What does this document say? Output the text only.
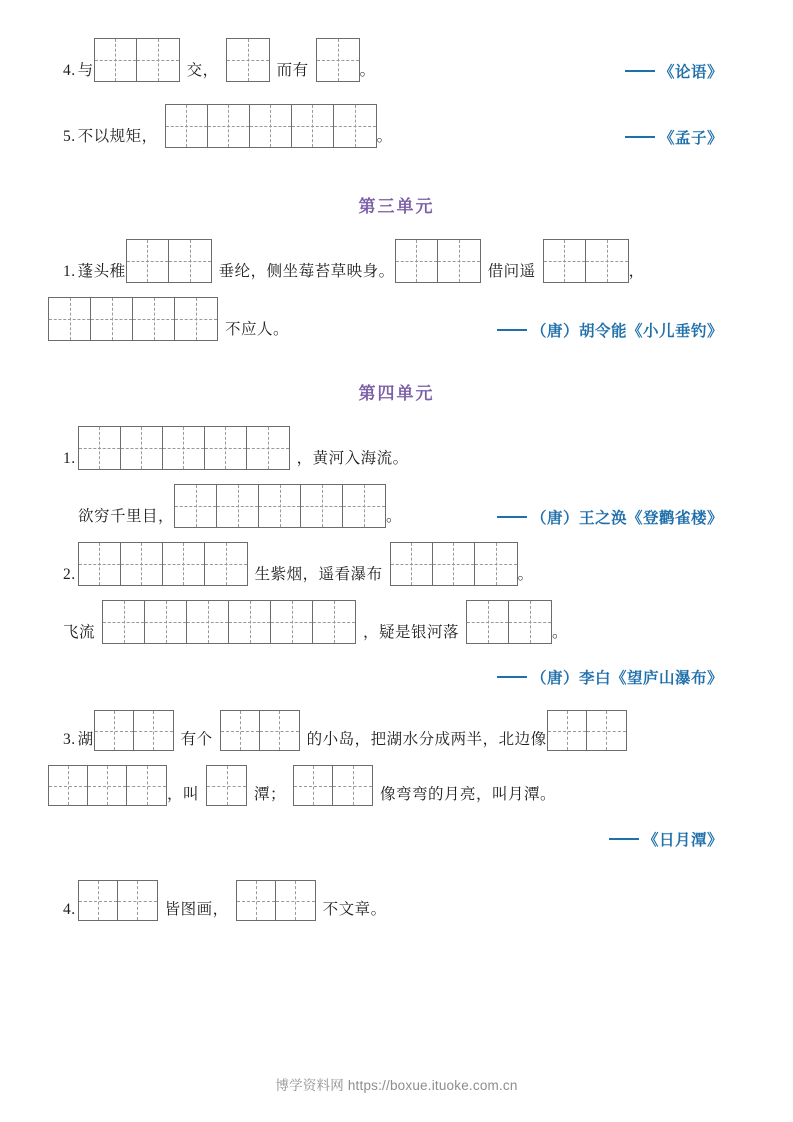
4. 与	交，	而有	。	《论语》
5. 不以规矩，	。	《孟子》
第三单元
1. 蓬头稚	垂纶，侧坐莓苔草映身。	借问遥	，
不应人。	（唐）胡令能《小儿垂钓》
第四单元
1.	，黄河入海流。
欲穷千里目，	。	（唐）王之涣《登鹳雀楼》
2.	生紫烟，遥看瀑布	。
飞流	，疑是银河落	。
（唐）李白《望庐山瀑布》
3. 湖	有个	的小岛，把湖水分成两半，北边像
，叫	潭；	像弯弯的月亮，叫月潭。
《日月潭》
4.	皆图画，	不文章。
博学资料网 https://boxue.ituoke.com.cn
